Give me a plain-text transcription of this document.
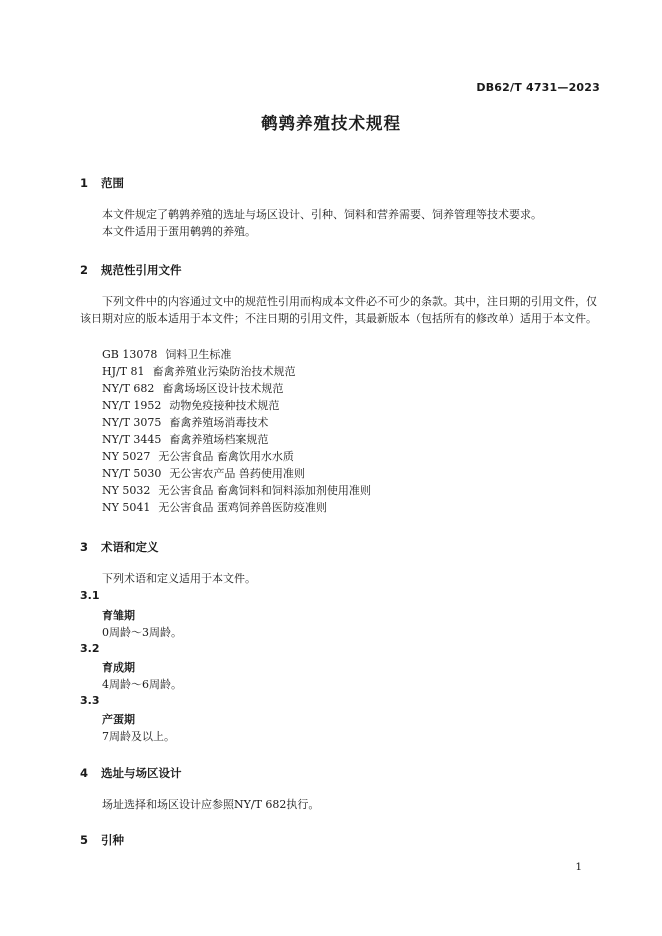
DB62/T 4731—2023
鹌鹑养殖技术规程
1 范围
本文件规定了鹌鹑养殖的选址与场区设计、引种、饲料和营养需要、饲养管理等技术要求。
本文件适用于蛋用鹌鹑的养殖。
2 规范性引用文件
下列文件中的内容通过文中的规范性引用而构成本文件必不可少的条款。其中，注日期的引用文件，仅该日期对应的版本适用于本文件；不注日期的引用文件，其最新版本（包括所有的修改单）适用于本文件。
GB 13078 饲料卫生标准
HJ/T 81 畜禽养殖业污染防治技术规范
NY/T 682 畜禽场场区设计技术规范
NY/T 1952 动物免疫接种技术规范
NY/T 3075 畜禽养殖场消毒技术
NY/T 3445 畜禽养殖场档案规范
NY 5027 无公害食品 畜禽饮用水水质
NY/T 5030 无公害农产品 兽药使用准则
NY 5032 无公害食品 畜禽饲料和饲料添加剂使用准则
NY 5041 无公害食品 蛋鸡饲养兽医防疫准则
3 术语和定义
下列术语和定义适用于本文件。
3.1
育雏期
0周龄～3周龄。
3.2
育成期
4周龄～6周龄。
3.3
产蛋期
7周龄及以上。
4 选址与场区设计
场址选择和场区设计应参照NY/T 682执行。
5 引种
1
